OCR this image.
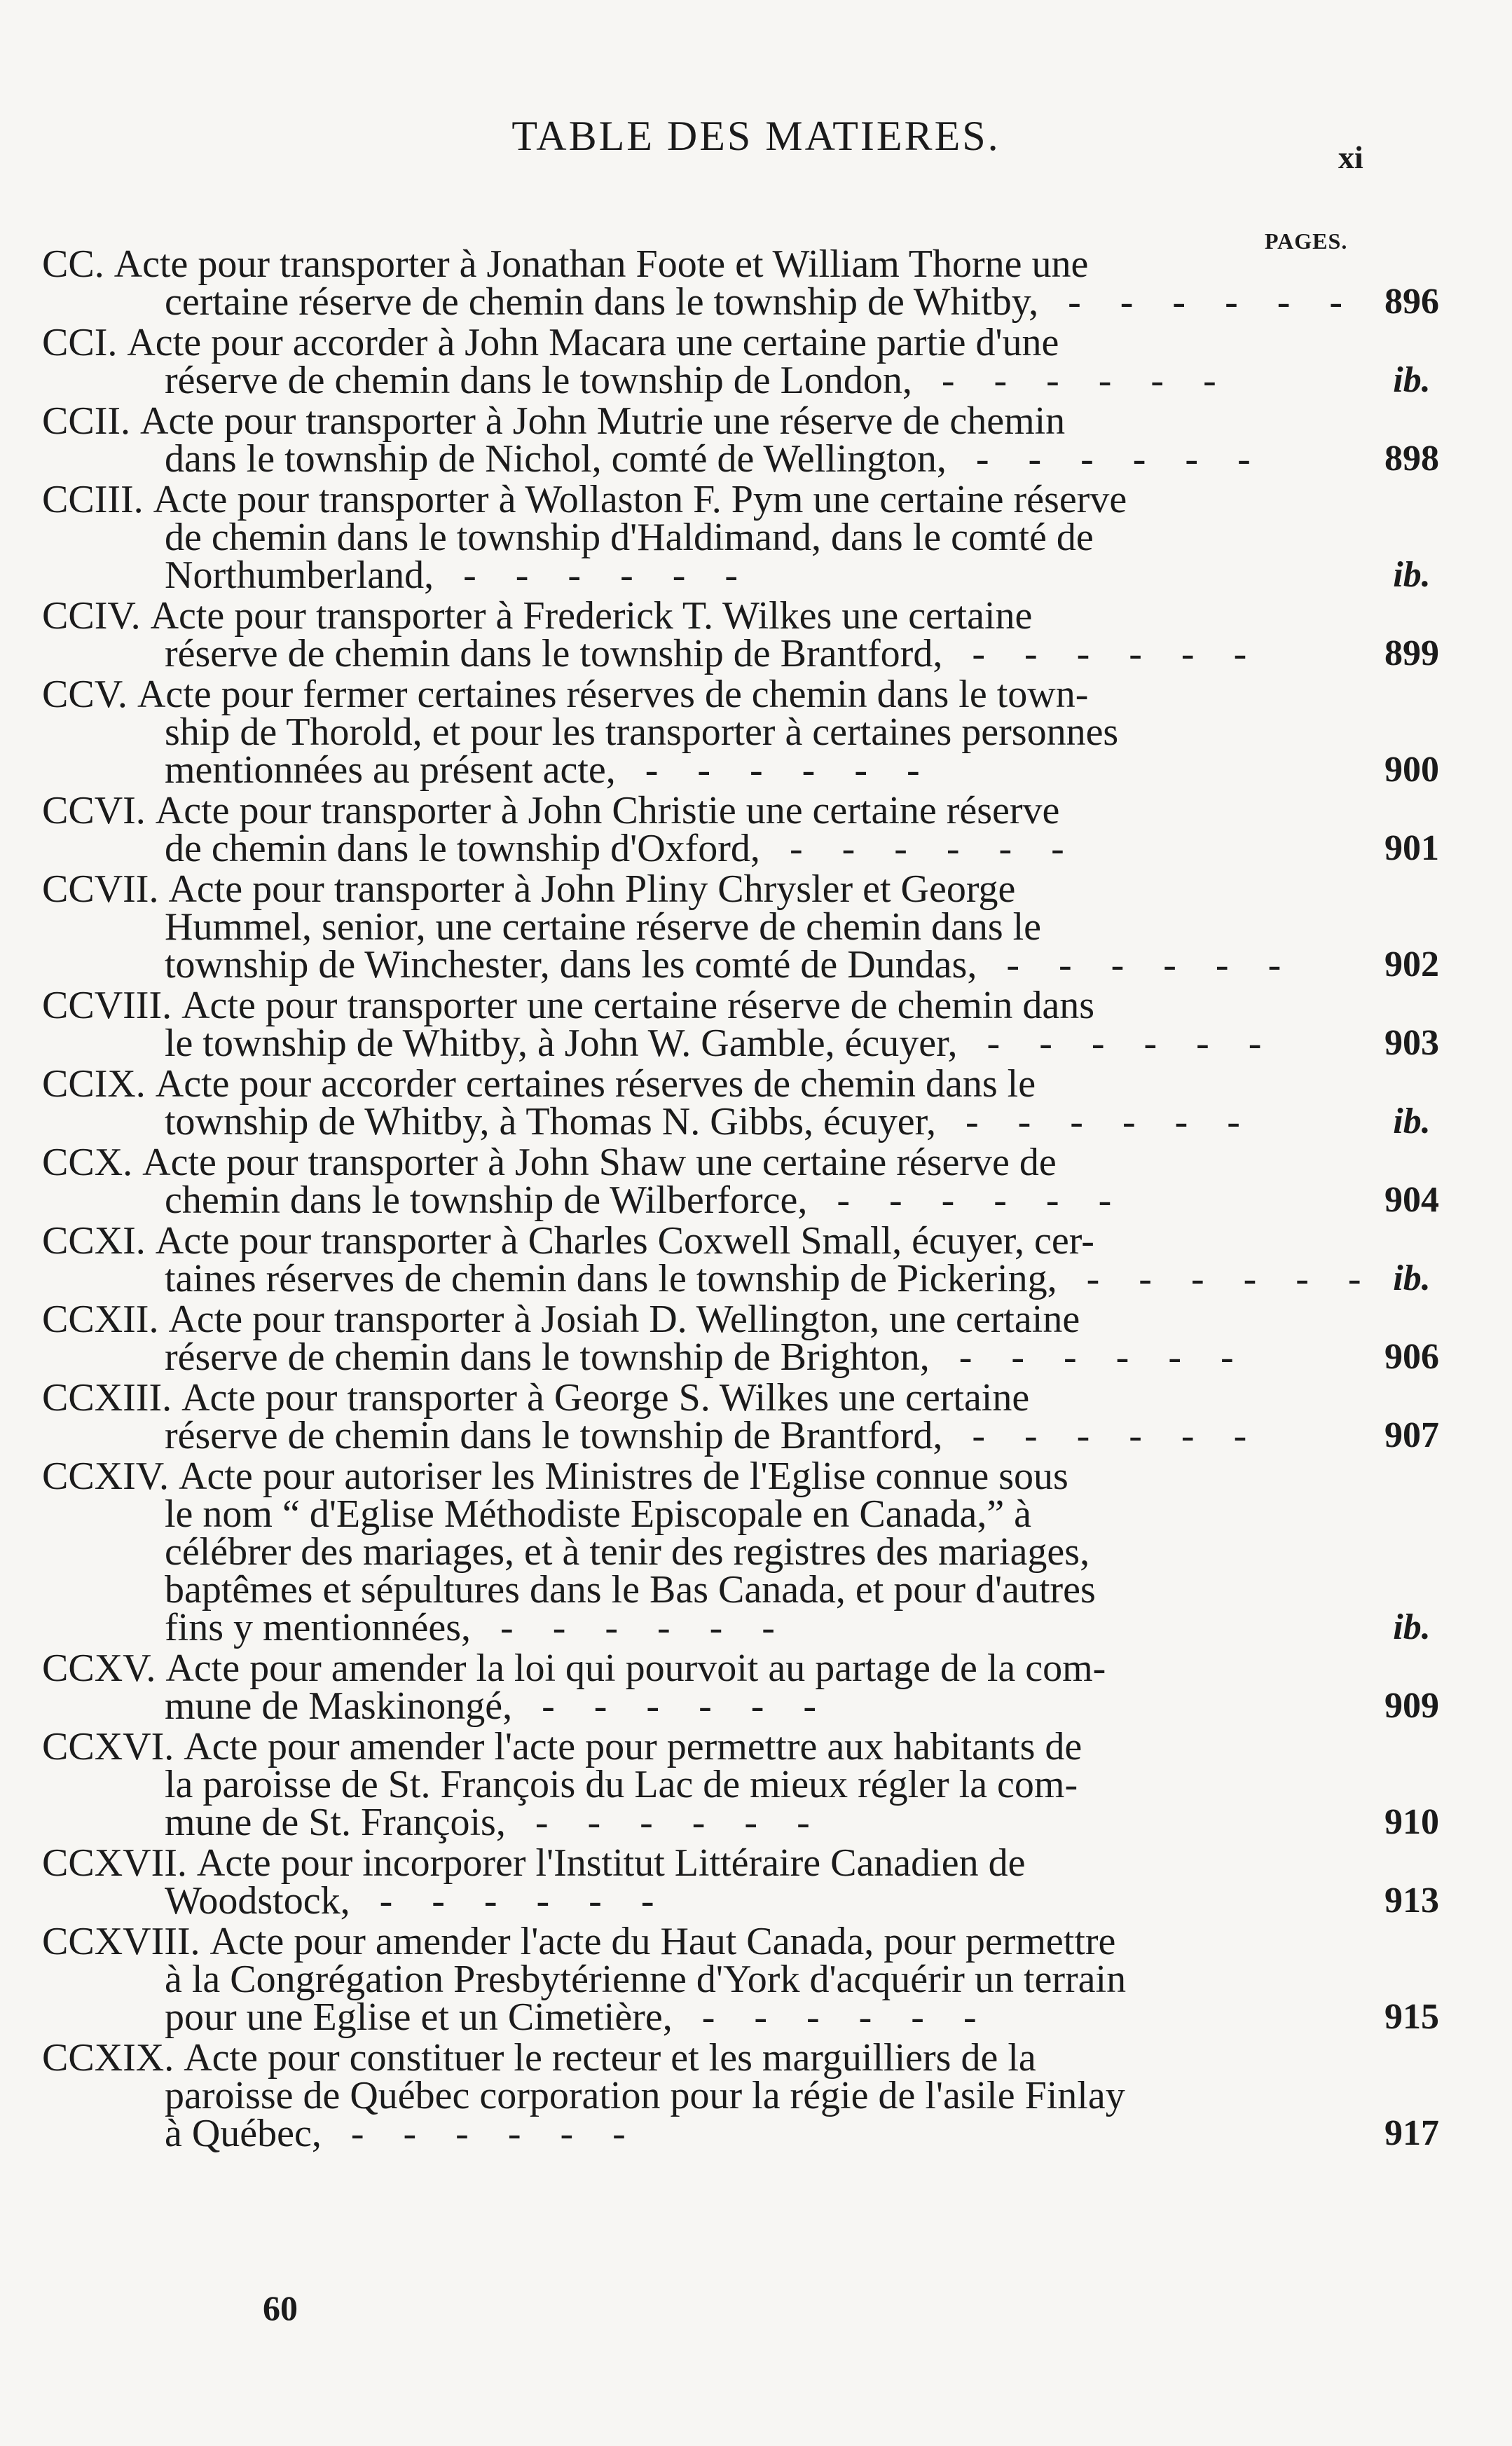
TABLE DES MATIERES.	xi
PAGES.
CC. Acte pour transporter à Jonathan Foote et William Thorne une
certaine réserve de chemin dans le township de Whitby,   -    -    -    -    -    -	896
CCI. Acte pour accorder à John Macara une certaine partie d'une
réserve de chemin dans le township de London,   -    -    -    -    -    -	ib.
CCII. Acte pour transporter à John Mutrie une réserve de chemin
dans le township de Nichol, comté de Wellington,   -    -    -    -    -    -	898
CCIII. Acte pour transporter à Wollaston F. Pym une certaine réserve
de chemin dans le township d'Haldimand, dans le comté de
Northumberland,   -    -    -    -    -    -	ib.
CCIV. Acte pour transporter à Frederick T. Wilkes une certaine
réserve de chemin dans le township de Brantford,   -    -    -    -    -    -	899
CCV. Acte pour fermer certaines réserves de chemin dans le town-
ship de Thorold, et pour les transporter à certaines personnes
mentionnées au présent acte,   -    -    -    -    -    -	900
CCVI. Acte pour transporter à John Christie une certaine réserve
de chemin dans le township d'Oxford,   -    -    -    -    -    -	901
CCVII. Acte pour transporter à John Pliny Chrysler et George
Hummel, senior, une certaine réserve de chemin dans le
township de Winchester, dans les comté de Dundas,   -    -    -    -    -    -	902
CCVIII. Acte pour transporter une certaine réserve de chemin dans
le township de Whitby, à John W. Gamble, écuyer,   -    -    -    -    -    -	903
CCIX. Acte pour accorder certaines réserves de chemin dans le
township de Whitby, à Thomas N. Gibbs, écuyer,   -    -    -    -    -    -	ib.
CCX. Acte pour transporter à John Shaw une certaine réserve de
chemin dans le township de Wilberforce,   -    -    -    -    -    -	904
CCXI. Acte pour transporter à Charles Coxwell Small, écuyer, cer-
taines réserves de chemin dans le township de Pickering,   -    -    -    -    -    - ib.
CCXII. Acte pour transporter à Josiah D. Wellington, une certaine
réserve de chemin dans le township de Brighton,   -    -    -    -    -    -	906
CCXIII. Acte pour transporter à George S. Wilkes une certaine
réserve de chemin dans le township de Brantford,   -    -    -    -    -    -	907
CCXIV. Acte pour autoriser les Ministres de l'Eglise connue sous
le nom “ d'Eglise Méthodiste Episcopale en Canada,” à
célébrer des mariages, et à tenir des registres des mariages,
baptêmes et sépultures dans le Bas Canada, et pour d'autres
fins y mentionnées,   -    -    -    -    -    -	ib.
CCXV. Acte pour amender la loi qui pourvoit au partage de la com-
mune de Maskinongé,   -    -    -    -    -    -	909
CCXVI. Acte pour amender l'acte pour permettre aux habitants de
la paroisse de St. François du Lac de mieux régler la com-
mune de St. François,   -    -    -    -    -    -	910
CCXVII. Acte pour incorporer l'Institut Littéraire Canadien de
Woodstock,   -    -    -    -    -    -	913
CCXVIII. Acte pour amender l'acte du Haut Canada, pour permettre
à la Congrégation Presbytérienne d'York d'acquérir un terrain
pour une Eglise et un Cimetière,   -    -    -    -    -    -	915
CCXIX. Acte pour constituer le recteur et les marguilliers de la
paroisse de Québec corporation pour la régie de l'asile Finlay
à Québec,   -    -    -    -    -    -	917
60
